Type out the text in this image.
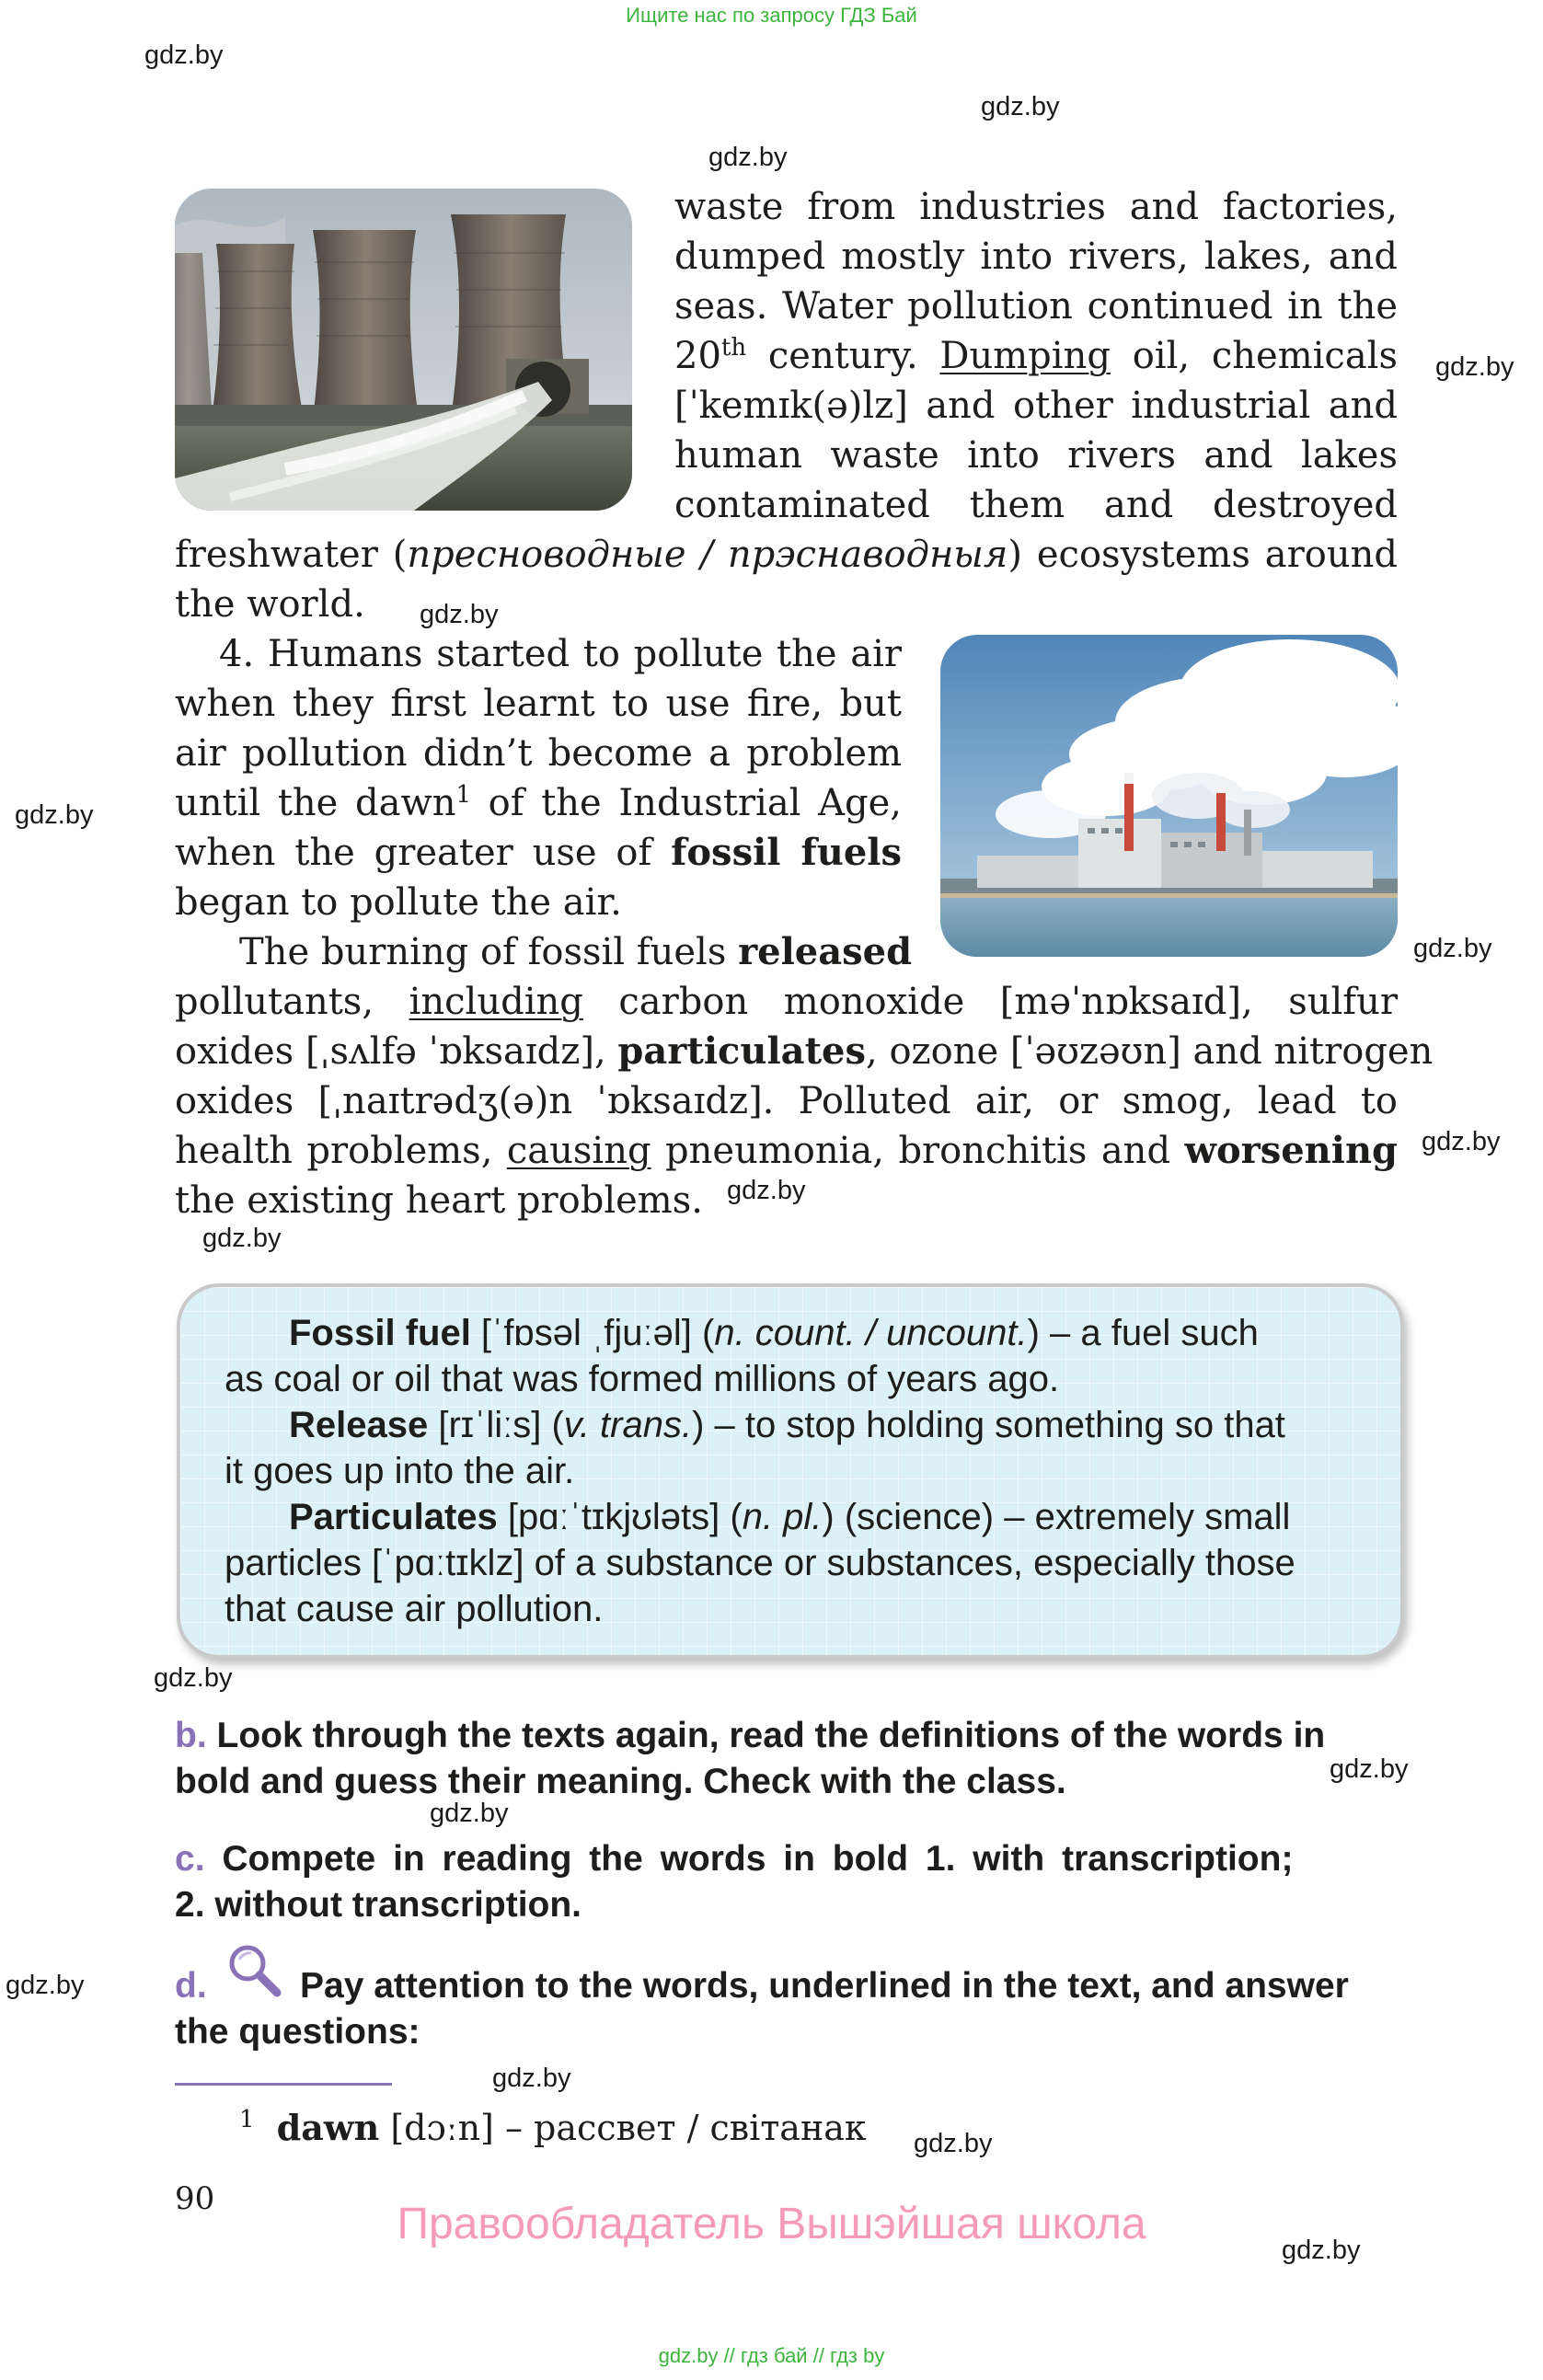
Ищите нас по запросу ГДЗ Бай
gdz.by // гдз бай // гдз by
Правообладатель Вышэйшая школа
gdz.by
gdz.by
gdz.by
gdz.by
gdz.by
gdz.by
gdz.by
gdz.by
gdz.by
gdz.by
gdz.by
gdz.by
gdz.by
gdz.by
gdz.by
gdz.by
gdz.by
waste from industries and factories,
dumped mostly into rivers, lakes, and
seas. Water pollution continued in the
20th century. Dumping oil, chemicals
[ˈkemɪk(ə)lz] and other industrial and
human waste into rivers and lakes
contaminated them and destroyed
freshwater (пресноводные / прэснаводныя) ecosystems around
the world.
4. Humans started to pollute the air
when they first learnt to use fire, but
air pollution didn’t become a problem
until the dawn$^1$ of the Industrial Age,
when the greater use of fossil fuels
began to pollute the air.
The burning of fossil fuels released
pollutants, including carbon monoxide [məˈnɒksaɪd], sulfur
oxides [ˌsʌlfə ˈɒksaɪdz], particulates, ozone [ˈəʊzəʊn] and nitrogen
oxides [ˌnaɪtrədʒ(ə)n ˈɒksaɪdz]. Polluted air, or smog, lead to
health problems, causing pneumonia, bronchitis and worsening
the existing heart problems.
Fossil fuel [ˈfɒsəl ˌfjuːəl] (n. count. / uncount.) – a fuel such
as coal or oil that was formed millions of years ago.
Release [rɪˈliːs] (v. trans.) – to stop holding something so that
it goes up into the air.
Particulates [pɑːˈtɪkjʊləts] (n. pl.) (science) – extremely small
particles [ˈpɑːtɪklz] of a substance or substances, especially those
that cause air pollution.
b. Look through the texts again, read the definitions of the words in
bold and guess their meaning. Check with the class.
c. Compete in reading the words in bold 1. with transcription;
2. without transcription.
d.	Pay attention to the words, underlined in the text, and answer
the questions:
$^1$ dawn [dɔːn] – рассвет / світанак
90
